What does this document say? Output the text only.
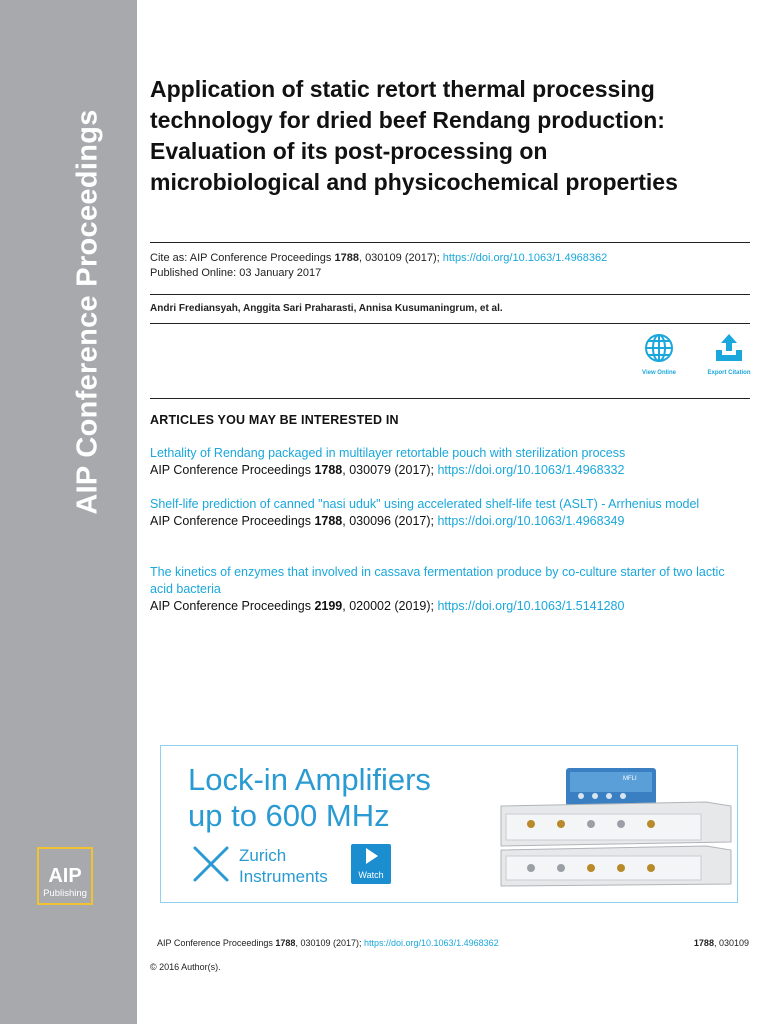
AIP Conference Proceedings
AIP
Publishing
Application of static retort thermal processing technology for dried beef Rendang production: Evaluation of its post-processing on microbiological and physicochemical properties
Cite as: AIP Conference Proceedings 1788, 030109 (2017); https://doi.org/10.1063/1.4968362
Published Online: 03 January 2017
Andri Frediansyah, Anggita Sari Praharasti, Annisa Kusumaningrum, et al.
View Online	Export Citation
ARTICLES YOU MAY BE INTERESTED IN
Lethality of Rendang packaged in multilayer retortable pouch with sterilization process
AIP Conference Proceedings 1788, 030079 (2017); https://doi.org/10.1063/1.4968332
Shelf-life prediction of canned "nasi uduk" using accelerated shelf-life test (ASLT) - Arrhenius model
AIP Conference Proceedings 1788, 030096 (2017); https://doi.org/10.1063/1.4968349
The kinetics of enzymes that involved in cassava fermentation produce by co-culture starter of two lactic acid bacteria
AIP Conference Proceedings 2199, 020002 (2019); https://doi.org/10.1063/1.5141280
Lock-in Amplifiers
up to 600 MHz
Zurich
Instruments	Watch
MFLI
AIP Conference Proceedings 1788, 030109 (2017); https://doi.org/10.1063/1.4968362	1788, 030109
© 2016 Author(s).
